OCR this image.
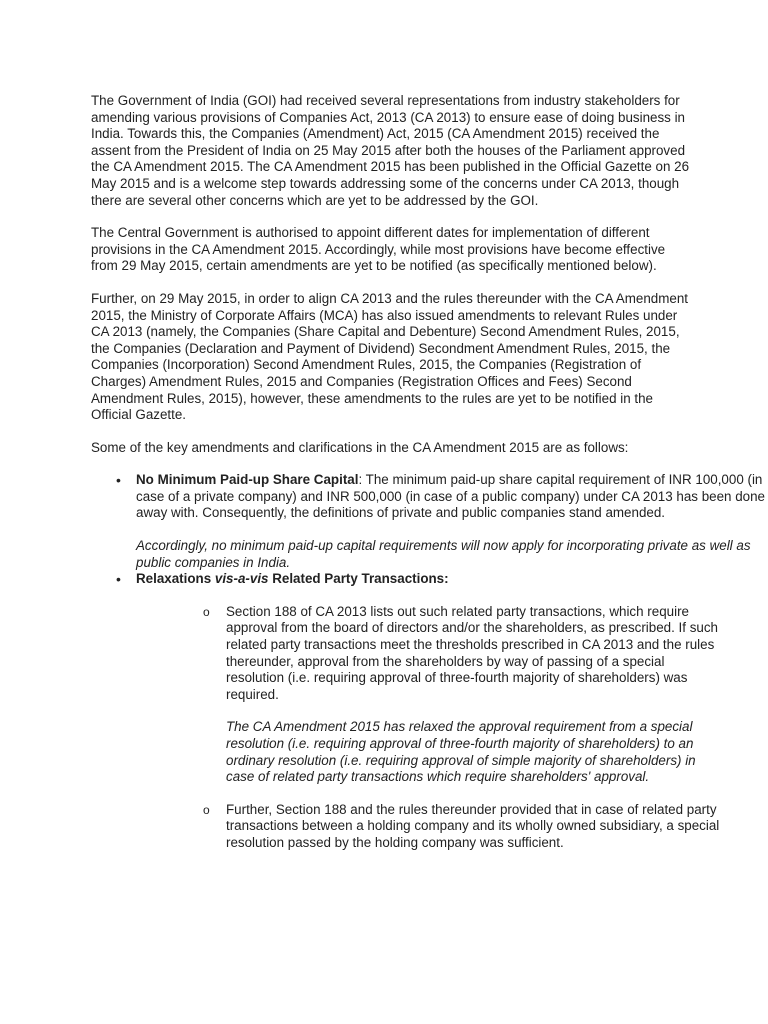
The Government of India (GOI) had received several representations from industry stakeholders for amending various provisions of Companies Act, 2013 (CA 2013) to ensure ease of doing business in India. Towards this, the Companies (Amendment) Act, 2015 (CA Amendment 2015) received the assent from the President of India on 25 May 2015 after both the houses of the Parliament approved the CA Amendment 2015. The CA Amendment 2015 has been published in the Official Gazette on 26 May 2015 and is a welcome step towards addressing some of the concerns under CA 2013, though there are several other concerns which are yet to be addressed by the GOI.

The Central Government is authorised to appoint different dates for implementation of different provisions in the CA Amendment 2015. Accordingly, while most provisions have become effective from 29 May 2015, certain amendments are yet to be notified (as specifically mentioned below).

Further, on 29 May 2015, in order to align CA 2013 and the rules thereunder with the CA Amendment 2015, the Ministry of Corporate Affairs (MCA) has also issued amendments to relevant Rules under CA 2013 (namely, the Companies (Share Capital and Debenture) Second Amendment Rules, 2015, the Companies (Declaration and Payment of Dividend) Secondment Amendment Rules, 2015, the Companies (Incorporation) Second Amendment Rules, 2015, the Companies (Registration of Charges) Amendment Rules, 2015 and Companies (Registration Offices and Fees) Second Amendment Rules, 2015), however, these amendments to the rules are yet to be notified in the Official Gazette.

Some of the key amendments and clarifications in the CA Amendment 2015 are as follows:

• No Minimum Paid-up Share Capital: The minimum paid-up share capital requirement of INR 100,000 (in case of a private company) and INR 500,000 (in case of a public company) under CA 2013 has been done away with. Consequently, the definitions of private and public companies stand amended.

Accordingly, no minimum paid-up capital requirements will now apply for incorporating private as well as public companies in India.

• Relaxations vis-a-vis Related Party Transactions:

o Section 188 of CA 2013 lists out such related party transactions, which require approval from the board of directors and/or the shareholders, as prescribed. If such related party transactions meet the thresholds prescribed in CA 2013 and the rules thereunder, approval from the shareholders by way of passing of a special resolution (i.e. requiring approval of three-fourth majority of shareholders) was required.

The CA Amendment 2015 has relaxed the approval requirement from a special resolution (i.e. requiring approval of three-fourth majority of shareholders) to an ordinary resolution (i.e. requiring approval of simple majority of shareholders) in case of related party transactions which require shareholders' approval.

o Further, Section 188 and the rules thereunder provided that in case of related party transactions between a holding company and its wholly owned subsidiary, a special resolution passed by the holding company was sufficient.
